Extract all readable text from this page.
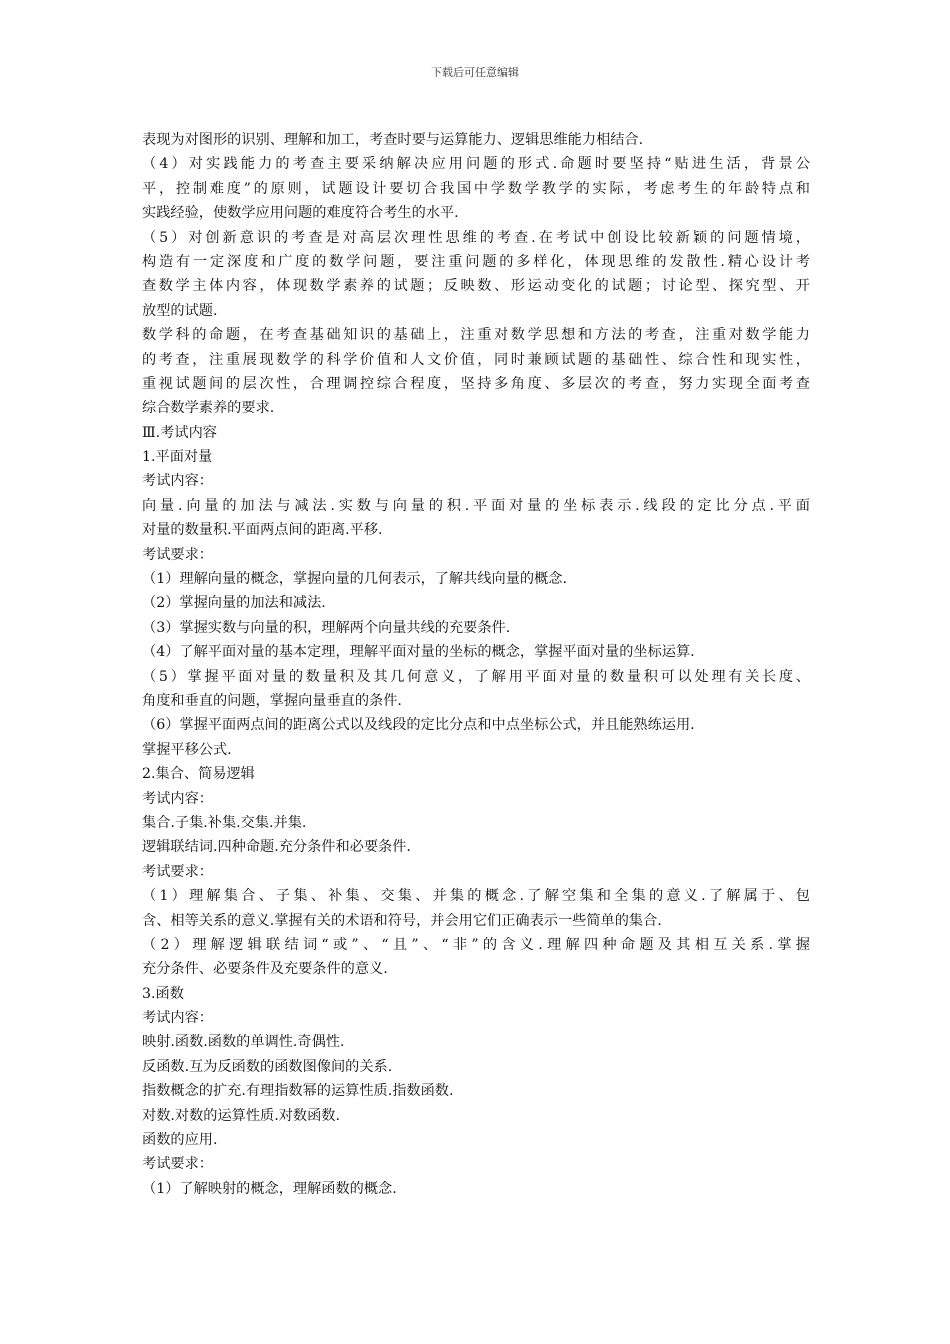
下载后可任意编辑
表现为对图形的识别、理解和加工，考查时要与运算能力、逻辑思维能力相结合.
（4）对实践能力的考查主要采纳解决应用问题的形式.命题时要坚持“贴进生活，背景公
平，控制难度”的原则，试题设计要切合我国中学数学教学的实际，考虑考生的年龄特点和
实践经验，使数学应用问题的难度符合考生的水平.
（5）对创新意识的考查是对高层次理性思维的考查.在考试中创设比较新颖的问题情境，
构造有一定深度和广度的数学问题，要注重问题的多样化，体现思维的发散性.精心设计考
查数学主体内容，体现数学素养的试题；反映数、形运动变化的试题；讨论型、探究型、开
放型的试题.
数学科的命题，在考查基础知识的基础上，注重对数学思想和方法的考查，注重对数学能力
的考查，注重展现数学的科学价值和人文价值，同时兼顾试题的基础性、综合性和现实性，
重视试题间的层次性，合理调控综合程度，坚持多角度、多层次的考查，努力实现全面考查
综合数学素养的要求.
Ⅲ.考试内容
1.平面对量
考试内容：
向量.向量的加法与减法.实数与向量的积.平面对量的坐标表示.线段的定比分点.平面
对量的数量积.平面两点间的距离.平移.
考试要求：
（1）理解向量的概念，掌握向量的几何表示，了解共线向量的概念.
（2）掌握向量的加法和减法.
（3）掌握实数与向量的积，理解两个向量共线的充要条件.
（4）了解平面对量的基本定理，理解平面对量的坐标的概念，掌握平面对量的坐标运算.
（5）掌握平面对量的数量积及其几何意义，了解用平面对量的数量积可以处理有关长度、
角度和垂直的问题，掌握向量垂直的条件.
（6）掌握平面两点间的距离公式以及线段的定比分点和中点坐标公式，并且能熟练运用.
掌握平移公式.
2.集合、简易逻辑
考试内容：
集合.子集.补集.交集.并集.
逻辑联结词.四种命题.充分条件和必要条件.
考试要求：
（1）理解集合、子集、补集、交集、并集的概念.了解空集和全集的意义.了解属于、包
含、相等关系的意义.掌握有关的术语和符号，并会用它们正确表示一些简单的集合.
（2）理解逻辑联结词“或”、“且”、“非”的含义.理解四种命题及其相互关系.掌握
充分条件、必要条件及充要条件的意义.
3.函数
考试内容：
映射.函数.函数的单调性.奇偶性.
反函数.互为反函数的函数图像间的关系.
指数概念的扩充.有理指数幂的运算性质.指数函数.
对数.对数的运算性质.对数函数.
函数的应用.
考试要求：
（1）了解映射的概念，理解函数的概念.
